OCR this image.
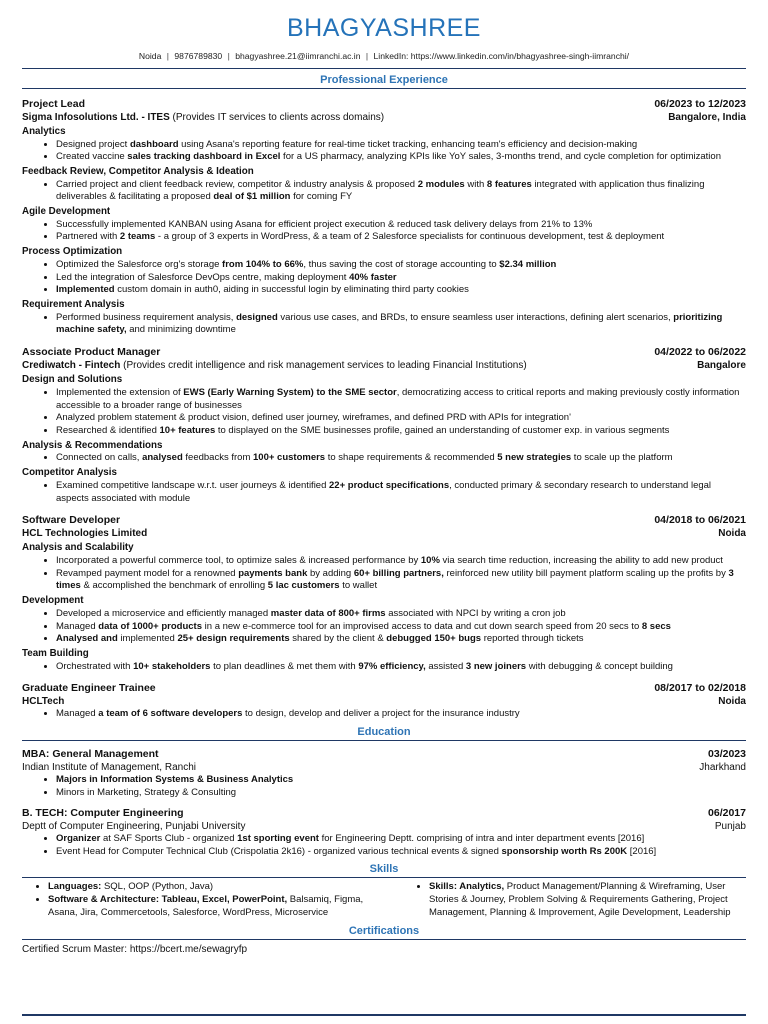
BHAGYASHREE
Noida | 9876789830 | bhagyashree.21@iimranchi.ac.in | LinkedIn: https://www.linkedin.com/in/bhagyashree-singh-iimranchi/
Professional Experience
Project Lead	06/2023 to 12/2023
Sigma Infosolutions Ltd. - ITES (Provides IT services to clients across domains)	Bangalore, India
Analytics
• Designed project dashboard using Asana's reporting feature for real-time ticket tracking, enhancing team's efficiency and decision-making
• Created vaccine sales tracking dashboard in Excel for a US pharmacy, analyzing KPIs like YoY sales, 3-months trend, and cycle completion for optimization
Feedback Review, Competitor Analysis & Ideation
• Carried project and client feedback review, competitor & industry analysis & proposed 2 modules with 8 features integrated with application thus finalizing deliverables & facilitating a proposed deal of $1 million for coming FY
Agile Development
• Successfully implemented KANBAN using Asana for efficient project execution & reduced task delivery delays from 21% to 13%
• Partnered with 2 teams - a group of 3 experts in WordPress, & a team of 2 Salesforce specialists for continuous development, test & deployment
Process Optimization
• Optimized the Salesforce org's storage from 104% to 66%, thus saving the cost of storage accounting to $2.34 million
• Led the integration of Salesforce DevOps centre, making deployment 40% faster
• Implemented custom domain in auth0, aiding in successful login by eliminating third party cookies
Requirement Analysis
• Performed business requirement analysis, designed various use cases, and BRDs, to ensure seamless user interactions, defining alert scenarios, prioritizing machine safety, and minimizing downtime
Associate Product Manager	04/2022 to 06/2022
Crediwatch - Fintech (Provides credit intelligence and risk management services to leading Financial Institutions)	Bangalore
Design and Solutions
• Implemented the extension of EWS (Early Warning System) to the SME sector, democratizing access to critical reports and making previously costly information accessible to a broader range of businesses
• Analyzed problem statement & product vision, defined user journey, wireframes, and defined PRD with APIs for integration'
• Researched & identified 10+ features to displayed on the SME businesses profile, gained an understanding of customer exp. in various segments
Analysis & Recommendations
• Connected on calls, analysed feedbacks from 100+ customers to shape requirements & recommended 5 new strategies to scale up the platform
Competitor Analysis
• Examined competitive landscape w.r.t. user journeys & identified 22+ product specifications, conducted primary & secondary research to understand legal aspects associated with module
Software Developer	04/2018 to 06/2021
HCL Technologies Limited	Noida
Analysis and Scalability
• Incorporated a powerful commerce tool, to optimize sales & increased performance by 10% via search time reduction, increasing the ability to add new product
• Revamped payment model for a renowned payments bank by adding 60+ billing partners, reinforced new utility bill payment platform scaling up the profits by 3 times & accomplished the benchmark of enrolling 5 lac customers to wallet
Development
• Developed a microservice and efficiently managed master data of 800+ firms associated with NPCI by writing a cron job
• Managed data of 1000+ products in a new e-commerce tool for an improvised access to data and cut down search speed from 20 secs to 8 secs
• Analysed and implemented 25+ design requirements shared by the client & debugged 150+ bugs reported through tickets
Team Building
• Orchestrated with 10+ stakeholders to plan deadlines & met them with 97% efficiency, assisted 3 new joiners with debugging & concept building
Graduate Engineer Trainee	08/2017 to 02/2018
HCLTech	Noida
• Managed a team of 6 software developers to design, develop and deliver a project for the insurance industry
Education
MBA: General Management	03/2023
Indian Institute of Management, Ranchi	Jharkhand
• Majors in Information Systems & Business Analytics
• Minors in Marketing, Strategy & Consulting
B. TECH: Computer Engineering	06/2017
Deptt of Computer Engineering, Punjabi University	Punjab
• Organizer at SAF Sports Club - organized 1st sporting event for Engineering Deptt. comprising of intra and inter department events [2016]
• Event Head for Computer Technical Club (Crispolatia 2k16) - organized various technical events & signed sponsorship worth Rs 200K [2016]
Skills
• Languages: SQL, OOP (Python, Java)
• Software & Architecture: Tableau, Excel, PowerPoint, Balsamiq, Figma, Asana, Jira, Commercetools, Salesforce, WordPress, Microservice
• Skills: Analytics, Product Management/Planning & Wireframing, User Stories & Journey, Problem Solving & Requirements Gathering, Project Management, Planning & Improvement, Agile Development, Leadership
Certifications
Certified Scrum Master: https://bcert.me/sewagryfp
